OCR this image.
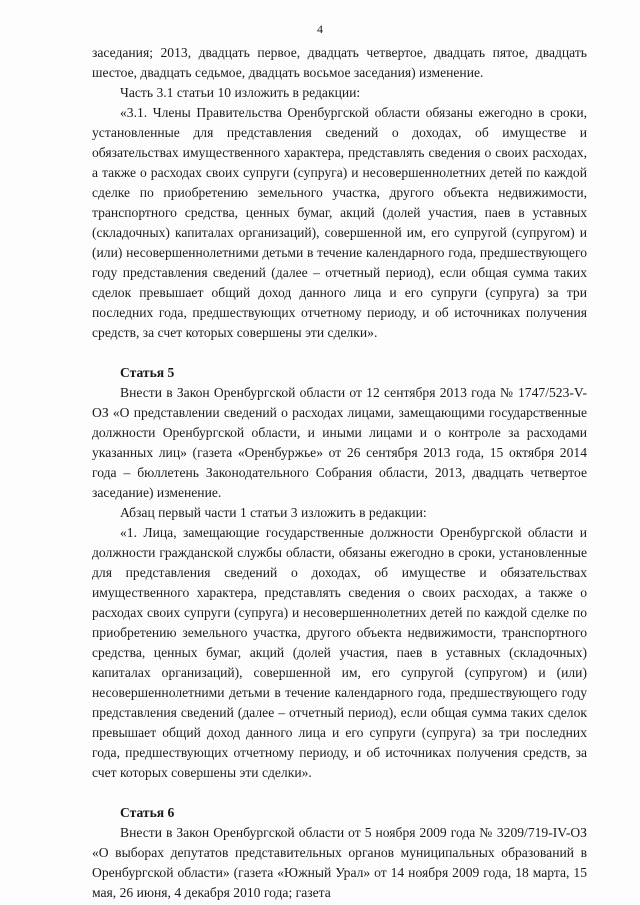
4

заседания; 2013, двадцать первое, двадцать четвертое, двадцать пятое, двадцать шестое, двадцать седьмое, двадцать восьмое заседания) изменение.

Часть 3.1 статьи 10 изложить в редакции:

«3.1. Члены Правительства Оренбургской области обязаны ежегодно в сроки, установленные для представления сведений о доходах, об имуществе и обязательствах имущественного характера, представлять сведения о своих расходах, а также о расходах своих супруги (супруга) и несовершеннолетних детей по каждой сделке по приобретению земельного участка, другого объекта недвижимости, транспортного средства, ценных бумаг, акций (долей участия, паев в уставных (складочных) капиталах организаций), совершенной им, его супругой (супругом) и (или) несовершеннолетними детьми в течение календарного года, предшествующего году представления сведений (далее – отчетный период), если общая сумма таких сделок превышает общий доход данного лица и его супруги (супруга) за три последних года, предшествующих отчетному периоду, и об источниках получения средств, за счет которых совершены эти сделки».

Статья 5

Внести в Закон Оренбургской области от 12 сентября 2013 года № 1747/523-V-ОЗ «О представлении сведений о расходах лицами, замещающими государственные должности Оренбургской области, и иными лицами и о контроле за расходами указанных лиц» (газета «Оренбуржье» от 26 сентября 2013 года, 15 октября 2014 года – бюллетень Законодательного Собрания области, 2013, двадцать четвертое заседание) изменение.

Абзац первый части 1 статьи 3 изложить в редакции:

«1. Лица, замещающие государственные должности Оренбургской области и должности гражданской службы области, обязаны ежегодно в сроки, установленные для представления сведений о доходах, об имуществе и обязательствах имущественного характера, представлять сведения о своих расходах, а также о расходах своих супруги (супруга) и несовершеннолетних детей по каждой сделке по приобретению земельного участка, другого объекта недвижимости, транспортного средства, ценных бумаг, акций (долей участия, паев в уставных (складочных) капиталах организаций), совершенной им, его супругой (супругом) и (или) несовершеннолетними детьми в течение календарного года, предшествующего году представления сведений (далее – отчетный период), если общая сумма таких сделок превышает общий доход данного лица и его супруги (супруга) за три последних года, предшествующих отчетному периоду, и об источниках получения средств, за счет которых совершены эти сделки».

Статья 6

Внести в Закон Оренбургской области от 5 ноября 2009 года № 3209/719-IV-ОЗ «О выборах депутатов представительных органов муниципальных образований в Оренбургской области» (газета «Южный Урал» от 14 ноября 2009 года, 18 марта, 15 мая, 26 июня, 4 декабря 2010 года; газета
